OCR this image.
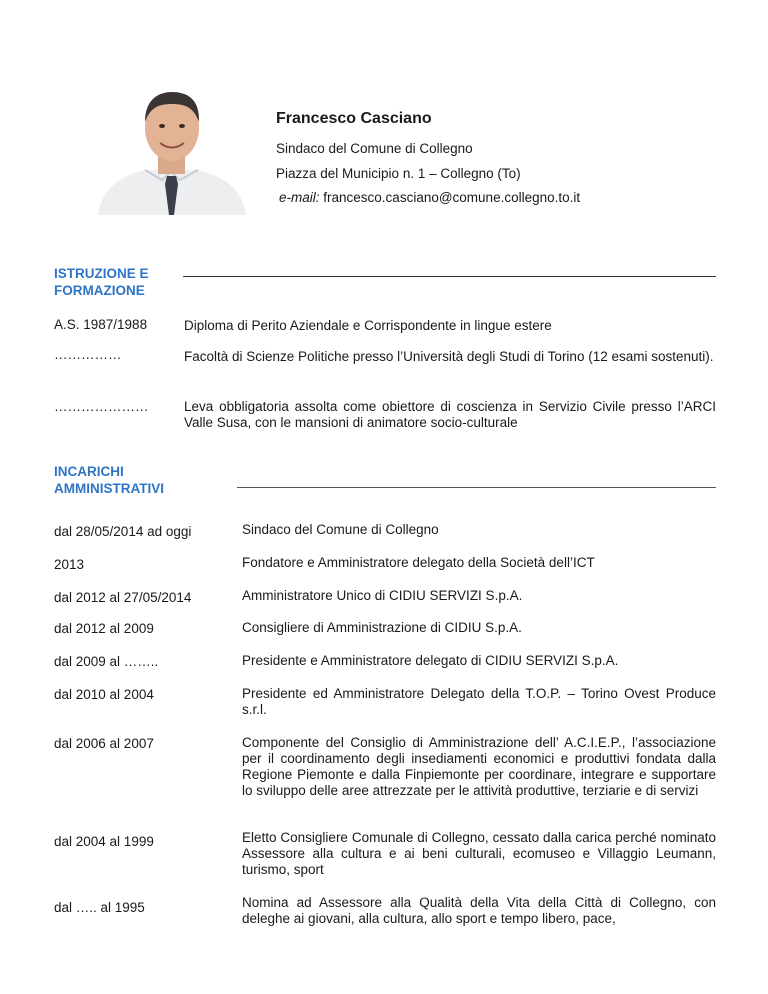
Francesco Casciano
Sindaco del Comune di Collegno
Piazza del Municipio n. 1 – Collegno (To)
e-mail: francesco.casciano@comune.collegno.to.it
ISTRUZIONE E
FORMAZIONE
A.S. 1987/1988	Diploma di Perito Aziendale e Corrispondente in lingue estere
……………	Facoltà di Scienze Politiche presso l’Università degli Studi di Torino (12 esami sostenuti).
…………………	Leva obbligatoria assolta come obiettore di coscienza in Servizio Civile presso l’ARCI Valle Susa, con le mansioni di animatore socio-culturale
INCARICHI
AMMINISTRATIVI
dal 28/05/2014 ad oggi	Sindaco del Comune di Collegno
2013	Fondatore e Amministratore delegato della Società dell’ICT
dal 2012 al 27/05/2014	Amministratore Unico di CIDIU SERVIZI S.p.A.
dal 2012 al 2009	Consigliere di Amministrazione di CIDIU S.p.A.
dal 2009 al ……..	Presidente e Amministratore delegato di CIDIU SERVIZI S.p.A.
dal 2010 al 2004	Presidente ed Amministratore Delegato della T.O.P. – Torino Ovest Produce s.r.l.
dal 2006 al 2007	Componente del Consiglio di Amministrazione dell’ A.C.I.E.P., l’associazione per il coordinamento degli insediamenti economici e produttivi fondata dalla Regione Piemonte e dalla Finpiemonte per coordinare, integrare e supportare lo sviluppo delle aree attrezzate per le attività produttive, terziarie e di servizi
dal 2004 al 1999	Eletto Consigliere Comunale di Collegno, cessato dalla carica perché nominato Assessore alla cultura e ai beni culturali, ecomuseo e Villaggio Leumann, turismo, sport
dal ….. al 1995	Nomina ad Assessore alla Qualità della Vita della Città di Collegno, con deleghe ai giovani, alla cultura, allo sport e tempo libero, pace,
